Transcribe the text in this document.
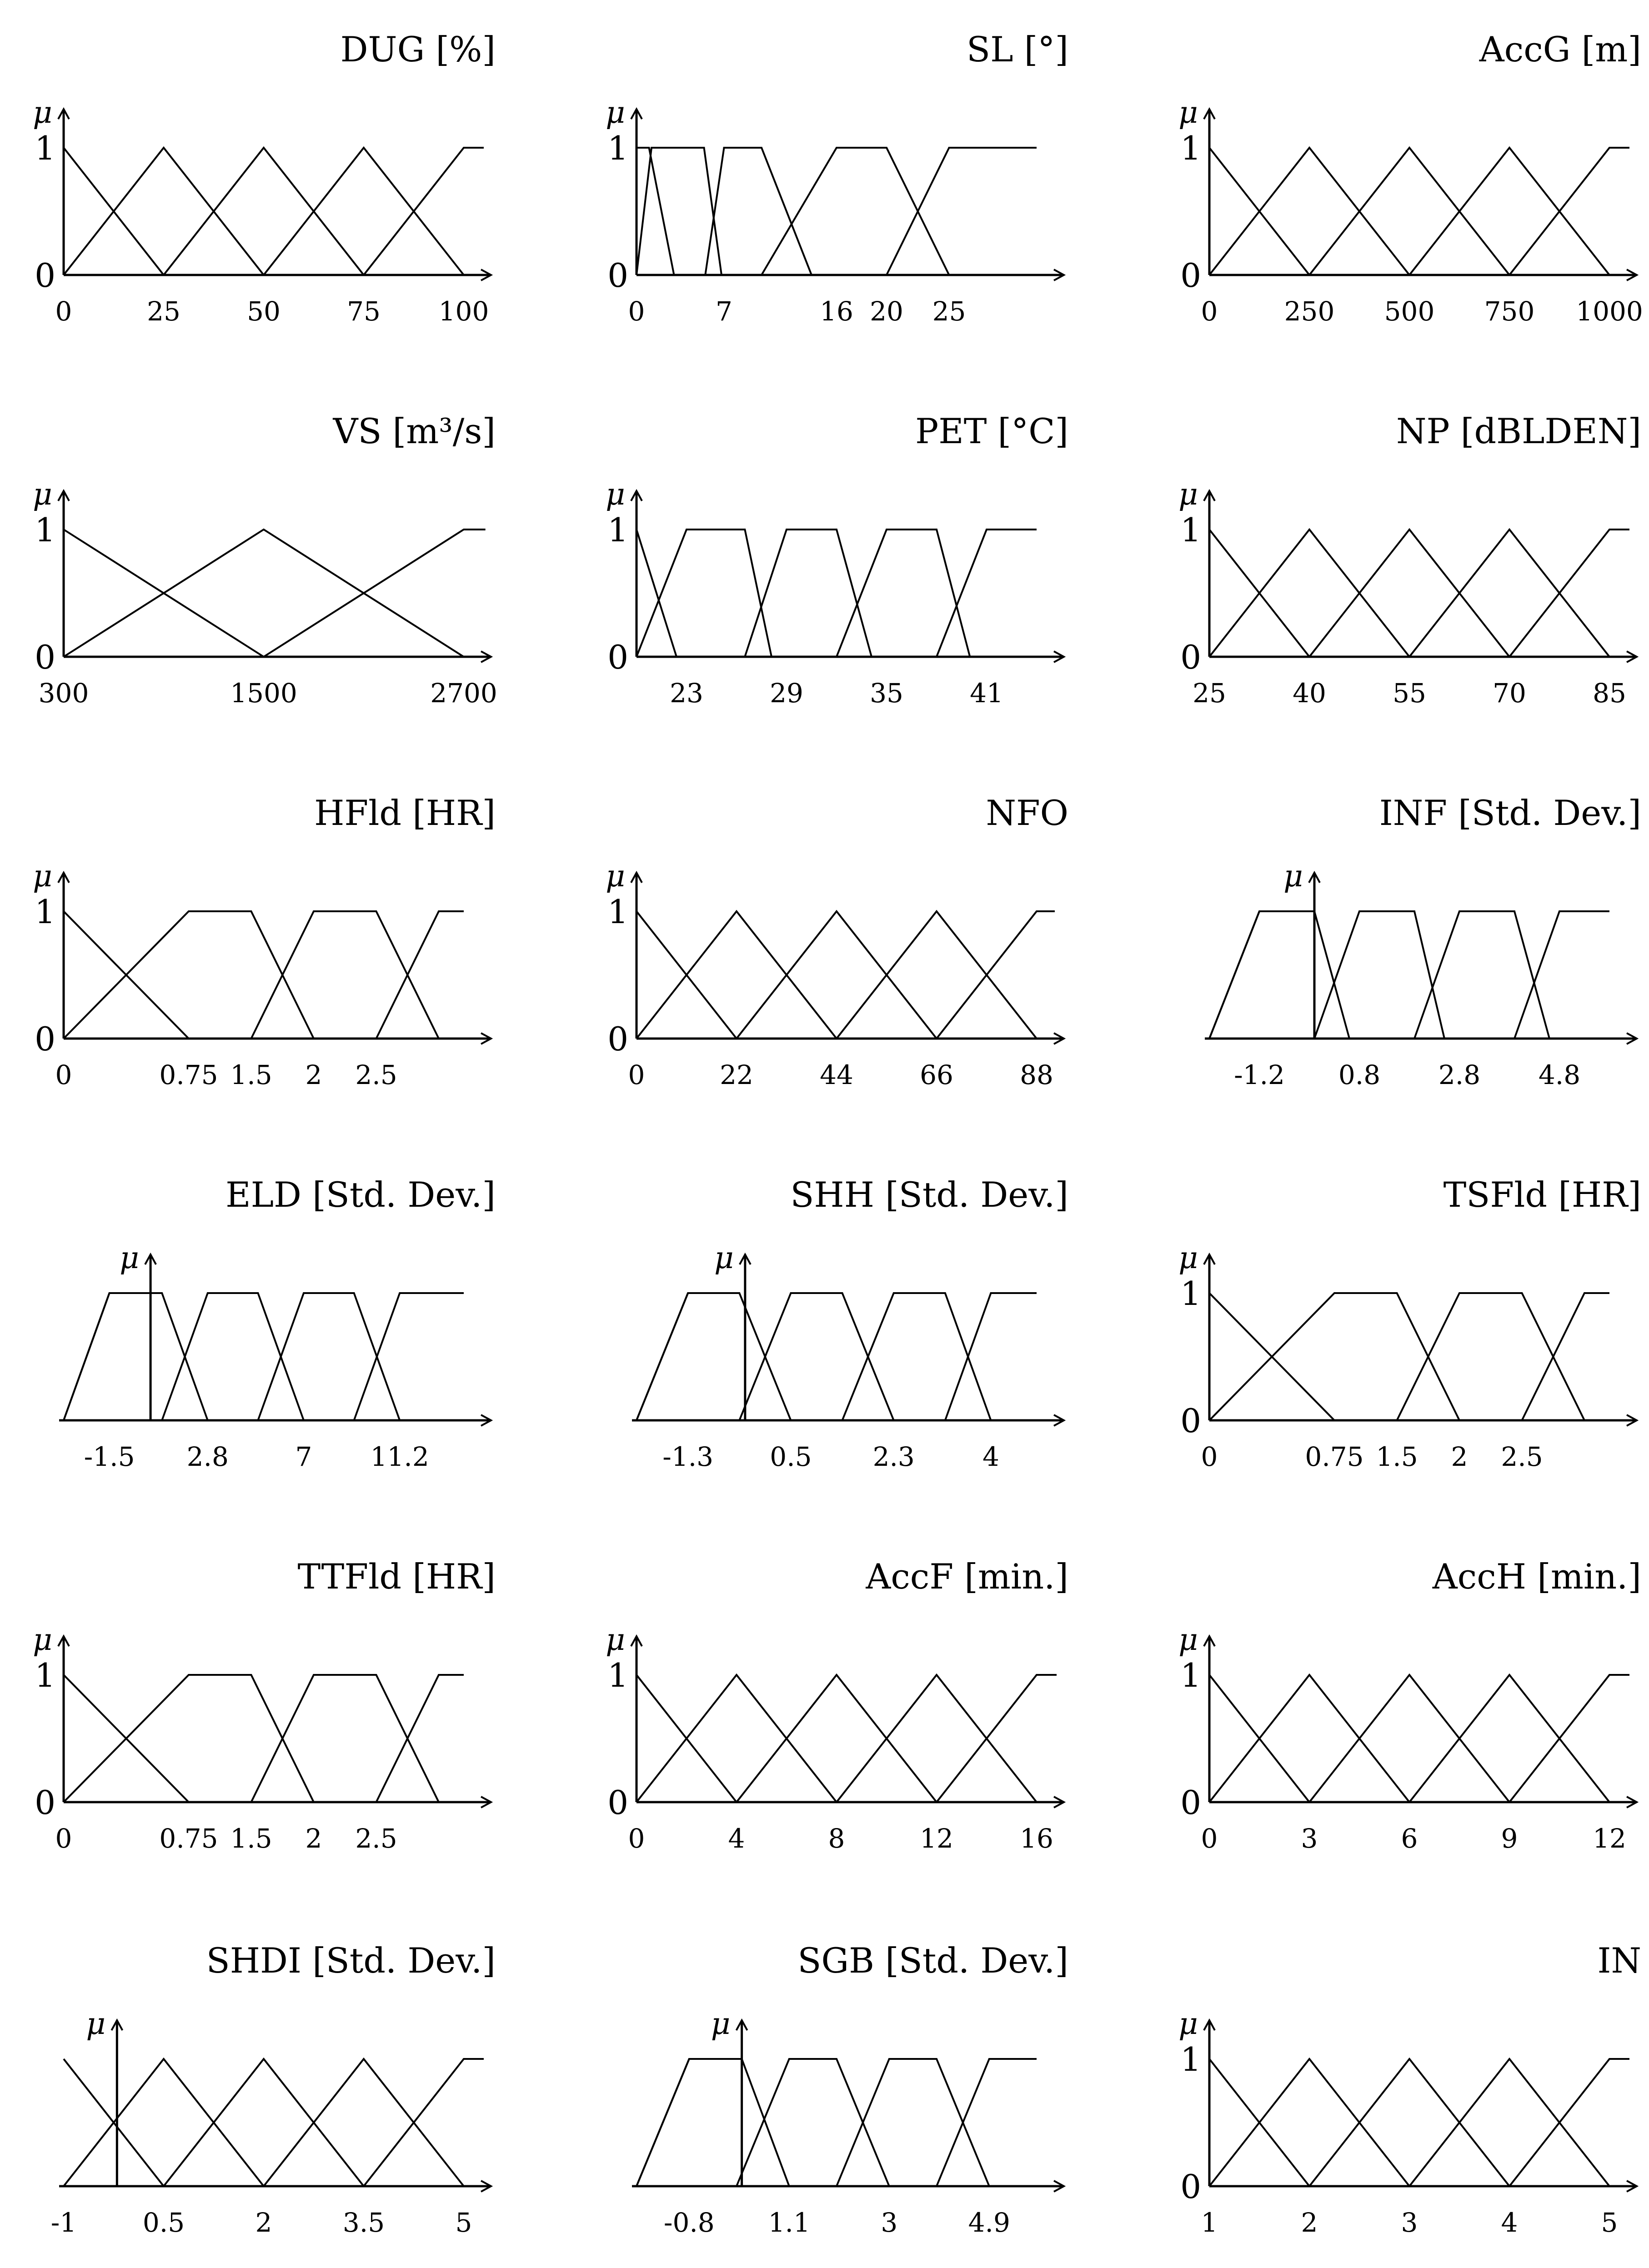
DUG [%]
μ
1
0
0	25	50	75 100
SL [°]
μ
1
0
0	7	16 20 25
AccG [m]
μ
1
0
0	250 500 750 1000
VS [m³/s]
μ
1
0
300	1500	2700
PET [°C]
μ
1
0
23	29	35	41
NP [dBLDEN]
μ
1
0
25	40	55	70	85
HFld [HR]
μ
1
0
0	0.75 1.5 2 2.5
NFO
μ
1
0
0	22	44	66	88
INF [Std. Dev.]
μ
-1.2 0.8 2.8 4.8
ELD [Std. Dev.]
μ
-1.5 2.8	7 11.2
SHH [Std. Dev.]
μ
-1.3 0.5 2.3	4
TSFld [HR]
μ
1
0
0	0.75 1.5 2 2.5
TTFld [HR]
μ
1
0
0	0.75 1.5 2 2.5
AccF [min.]
μ
1
0
0	4	8	12	16
AccH [min.]
μ
1
0
0	3	6	9	12
SHDI [Std. Dev.]
μ
-1	0.5	2	3.5	5
SGB [Std. Dev.]
μ
-0.8 1.1	3	4.9
IN
μ
1
0
1	2	3	4	5
